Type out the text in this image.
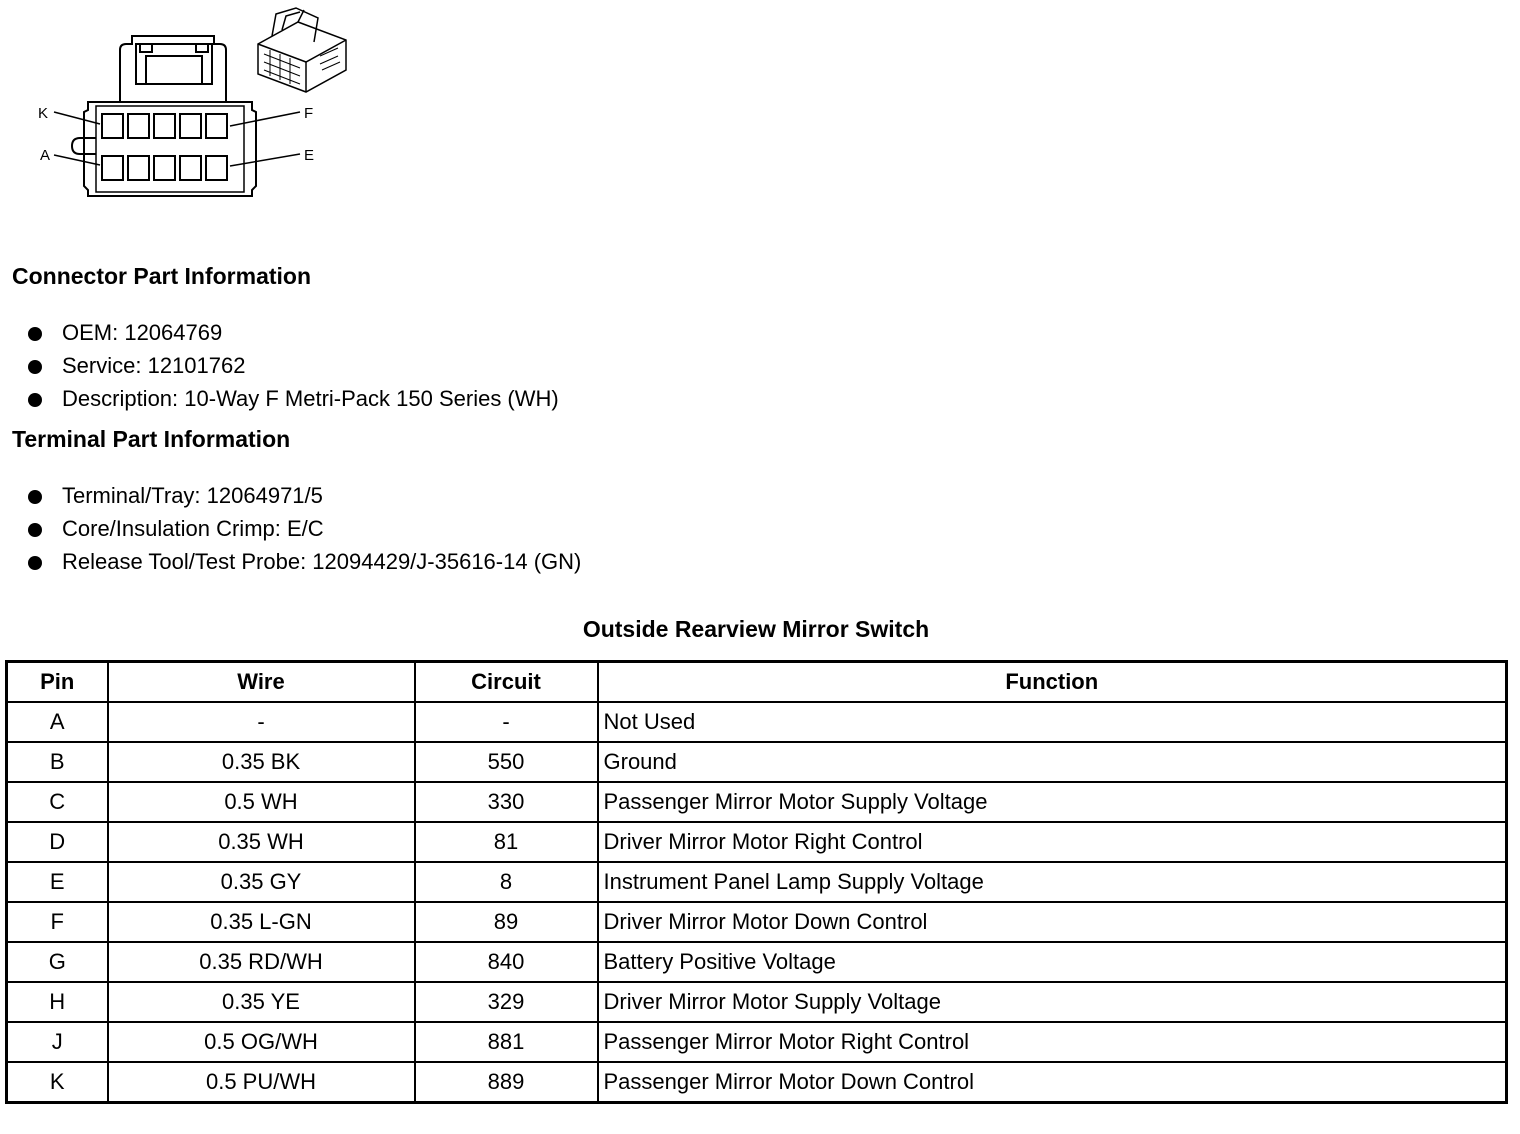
K	F
A	E
Connector Part Information
OEM: 12064769
Service: 12101762
Description: 10-Way F Metri-Pack 150 Series (WH)
Terminal Part Information
Terminal/Tray: 12064971/5
Core/Insulation Crimp: E/C
Release Tool/Test Probe: 12094429/J-35616-14 (GN)
Outside Rearview Mirror Switch
Pin	Wire	Circuit	Function
A	-	-	Not Used
B	0.35 BK	550	Ground
C	0.5 WH	330	Passenger Mirror Motor Supply Voltage
D	0.35 WH	81	Driver Mirror Motor Right Control
E	0.35 GY	8	Instrument Panel Lamp Supply Voltage
F	0.35 L-GN	89	Driver Mirror Motor Down Control
G	0.35 RD/WH	840	Battery Positive Voltage
H	0.35 YE	329	Driver Mirror Motor Supply Voltage
J	0.5 OG/WH	881	Passenger Mirror Motor Right Control
K	0.5 PU/WH	889	Passenger Mirror Motor Down Control
